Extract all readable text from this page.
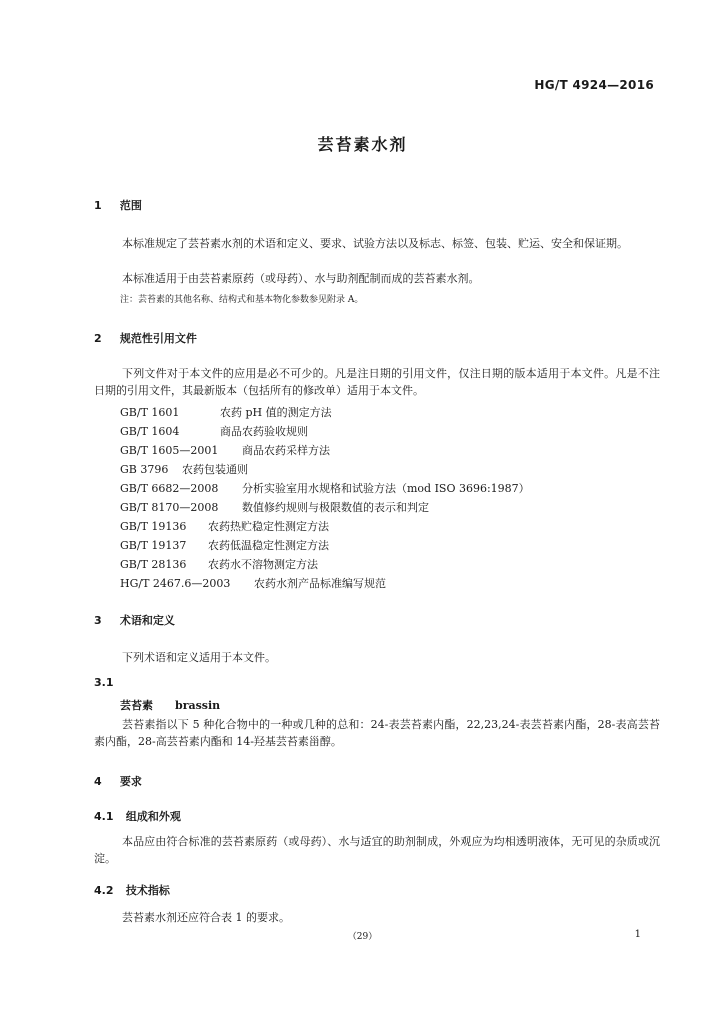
HG/T 4924—2016
芸苔素水剂
1 范围
本标准规定了芸苔素水剂的术语和定义、要求、试验方法以及标志、标签、包装、贮运、安全和保证期。
本标准适用于由芸苔素原药（或母药）、水与助剂配制而成的芸苔素水剂。
注：芸苔素的其他名称、结构式和基本物化参数参见附录 A。
2 规范性引用文件
下列文件对于本文件的应用是必不可少的。凡是注日期的引用文件，仅注日期的版本适用于本文件。凡是不注日期的引用文件，其最新版本（包括所有的修改单）适用于本文件。
GB/T 1601	农药 pH 值的测定方法
GB/T 1604	商品农药验收规则
GB/T 1605—2001 商品农药采样方法
GB 3796 农药包装通则
GB/T 6682—2008 分析实验室用水规格和试验方法（mod ISO 3696:1987）
GB/T 8170—2008 数值修约规则与极限数值的表示和判定
GB/T 19136 农药热贮稳定性测定方法
GB/T 19137 农药低温稳定性测定方法
GB/T 28136 农药水不溶物测定方法
HG/T 2467.6—2003 农药水剂产品标准编写规范
3 术语和定义
下列术语和定义适用于本文件。
3.1
芸苔素 brassin
芸苔素指以下 5 种化合物中的一种或几种的总和：24-表芸苔素内酯，22,23,24-表芸苔素内酯，28-表高芸苔素内酯，28-高芸苔素内酯和 14-羟基芸苔素甾醇。
4 要求
4.1 组成和外观
本品应由符合标准的芸苔素原药（或母药）、水与适宜的助剂制成，外观应为均相透明液体，无可见的杂质或沉淀。
4.2 技术指标
芸苔素水剂还应符合表 1 的要求。
（29）	1
